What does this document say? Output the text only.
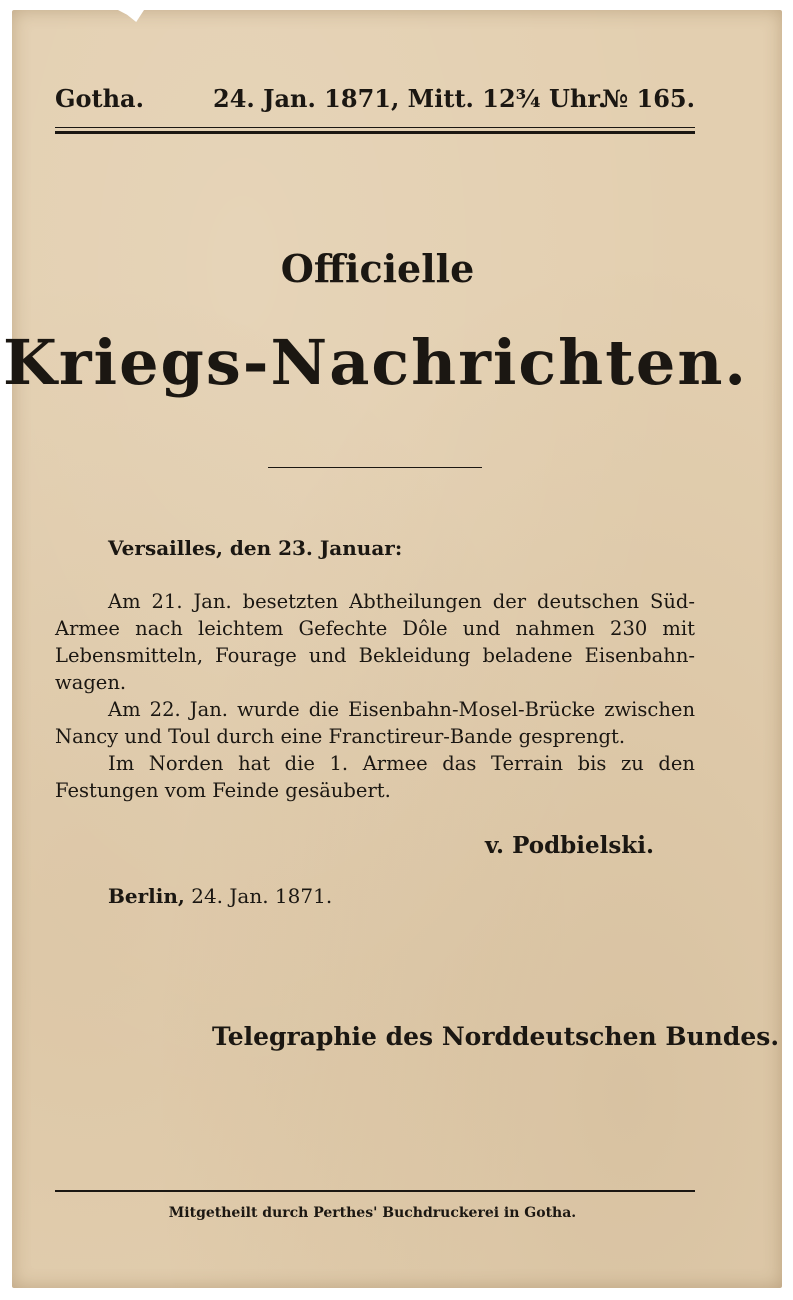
Gotha.	24. Jan. 1871, Mitt. 12¾ Uhr.
№ 165.
Officielle
Kriegs-Nachrichten.
Versailles, den 23. Januar:

Am 21. Jan. besetzten Abtheilungen der deutschen Süd-Armee nach leichtem Gefechte Dôle und nahmen 230 mit Lebensmitteln, Fourage und Bekleidung beladene Eisenbahn-wagen.

Am 22. Jan. wurde die Eisenbahn-Mosel-Brücke zwischen Nancy und Toul durch eine Franctireur-Bande gesprengt.

Im Norden hat die 1. Armee das Terrain bis zu den Festungen vom Feinde gesäubert.

v. Podbielski.
Berlin, 24. Jan. 1871.
Telegraphie des Norddeutschen Bundes.
Mitgetheilt durch Perthes' Buchdruckerei in Gotha.
